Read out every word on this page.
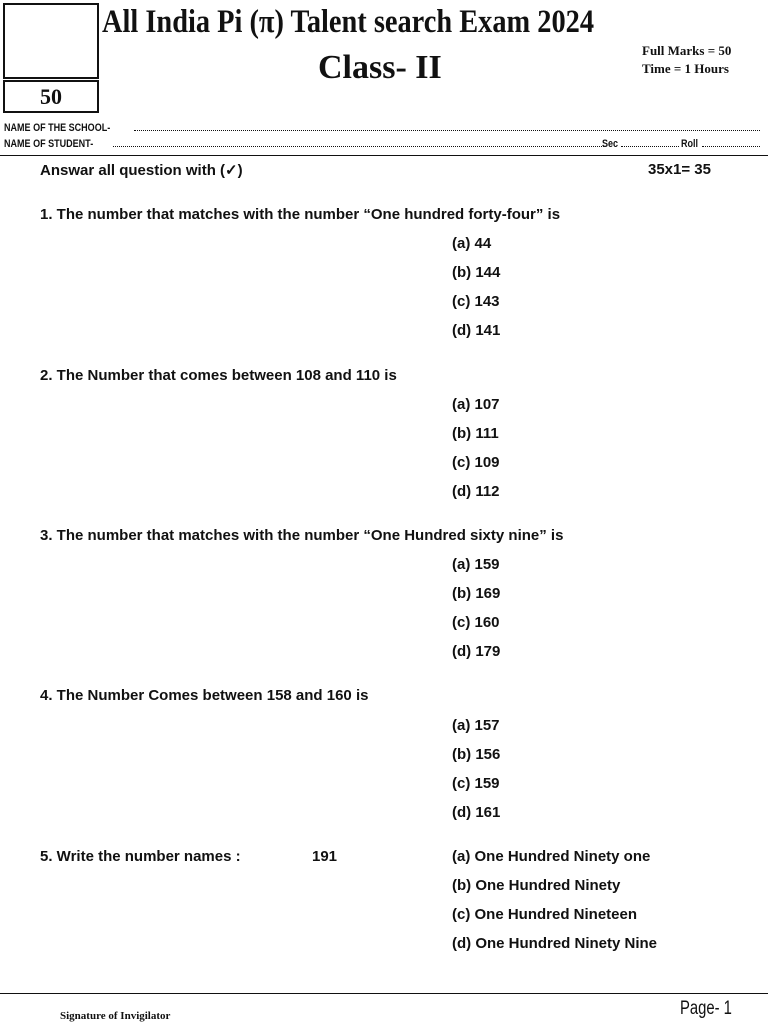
50
All India Pi (π) Talent search Exam 2024
Class- II	Full Marks = 50
Time = 1 Hours
NAME OF THE SCHOOL-
NAME OF STUDENT-	Sec	Roll
Answar all question with (✓)	35x1= 35
1. The number that matches with the number “One hundred forty-four” is
(a) 44
(b) 144
(c) 143
(d) 141
2. The Number that comes between 108 and 110 is
(a) 107
(b) 111
(c) 109
(d) 112
3. The number that matches with the number “One Hundred sixty nine” is
(a) 159
(b) 169
(c) 160
(d) 179
4. The Number Comes between 158 and 160 is
(a) 157
(b) 156
(c) 159
(d) 161
5. Write the number names :	191	(a) One Hundred Ninety one
(b) One Hundred Ninety
(c) One Hundred Nineteen
(d) One Hundred Ninety Nine
Signature of Invigilator	Page- 1
